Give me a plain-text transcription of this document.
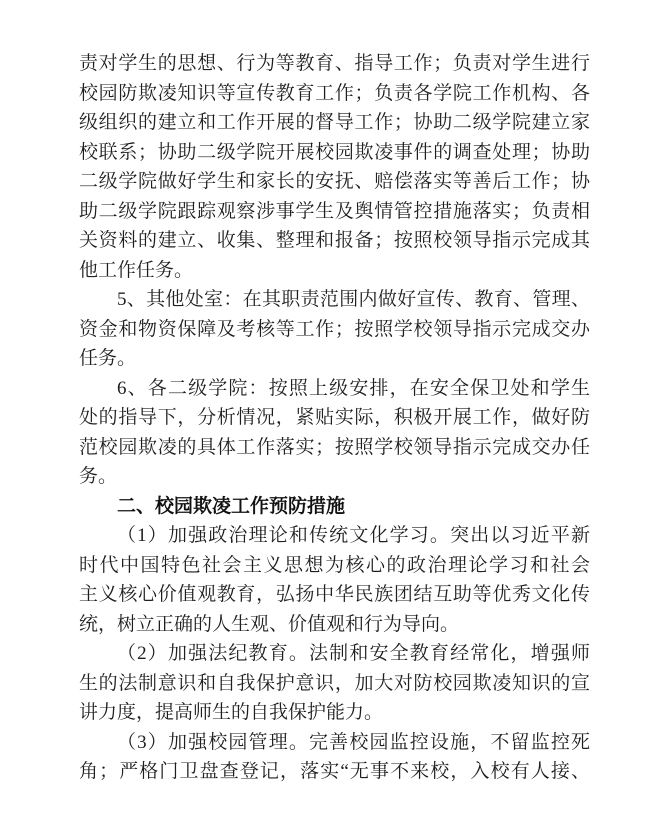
责对学生的思想、行为等教育、指导工作；负责对学生进行
校园防欺凌知识等宣传教育工作；负责各学院工作机构、各
级组织的建立和工作开展的督导工作；协助二级学院建立家
校联系；协助二级学院开展校园欺凌事件的调查处理；协助
二级学院做好学生和家长的安抚、赔偿落实等善后工作；协
助二级学院跟踪观察涉事学生及舆情管控措施落实；负责相
关资料的建立、收集、整理和报备；按照校领导指示完成其
他工作任务。
5、其他处室：在其职责范围内做好宣传、教育、管理、
资金和物资保障及考核等工作；按照学校领导指示完成交办
任务。
6、各二级学院：按照上级安排，在安全保卫处和学生
处的指导下，分析情况，紧贴实际，积极开展工作，做好防
范校园欺凌的具体工作落实；按照学校领导指示完成交办任
务。
二、校园欺凌工作预防措施
（1）加强政治理论和传统文化学习。突出以习近平新
时代中国特色社会主义思想为核心的政治理论学习和社会
主义核心价值观教育，弘扬中华民族团结互助等优秀文化传
统，树立正确的人生观、价值观和行为导向。
（2）加强法纪教育。法制和安全教育经常化，增强师
生的法制意识和自我保护意识，加大对防校园欺凌知识的宣
讲力度，提高师生的自我保护能力。
（3）加强校园管理。完善校园监控设施，不留监控死
角；严格门卫盘查登记，落实“无事不来校，入校有人接、
